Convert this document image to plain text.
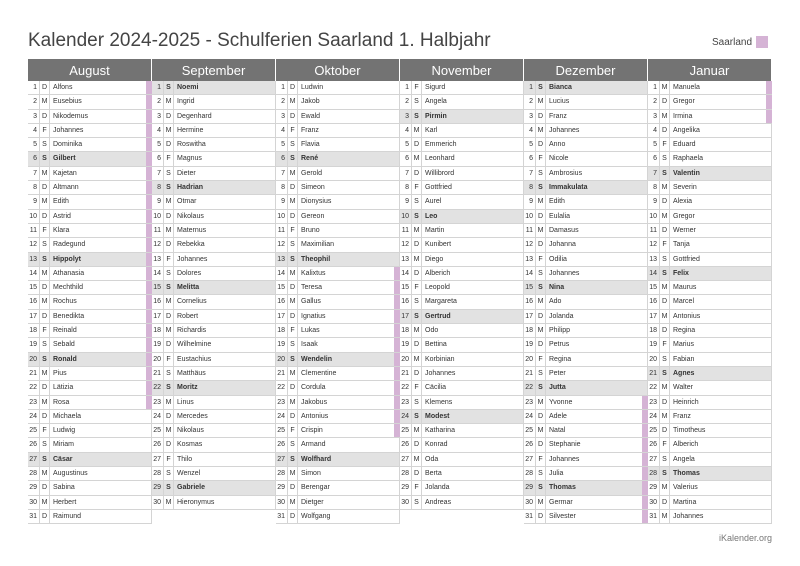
Kalender 2024-2025 - Schulferien Saarland 1. Halbjahr	Saarland
August
1 D Alfons
2 M Eusebius
3 D Nikodemus
4 F Johannes
5 S Dominika
6 S Gilbert
7 M Kajetan
8 D Altmann
9 M Edith
10 D Astrid
11 F Klara
12 S Radegund
13 S Hippolyt
14 M Athanasia
15 D Mechthild
16 M Rochus
17 D Benedikta
18 F Reinald
19 S Sebald
20 S Ronald
21 M Pius
22 D Lätizia
23 M Rosa
24 D Michaela
25 F Ludwig
26 S Miriam
27 S Cäsar
28 M Augustinus
29 D Sabina
30 M Herbert
31 D Raimund
September
1 S Noemi
2 M Ingrid
3 D Degenhard
4 M Hermine
5 D Roswitha
6 F Magnus
7 S Dieter
8 S Hadrian
9 M Otmar
10 D Nikolaus
11 M Maternus
12 D Rebekka
13 F Johannes
14 S Dolores
15 S Melitta
16 M Cornelius
17 D Robert
18 M Richardis
19 D Wilhelmine
20 F Eustachius
21 S Matthäus
22 S Moritz
23 M Linus
24 D Mercedes
25 M Nikolaus
26 D Kosmas
27 F Thilo
28 S Wenzel
29 S Gabriele
30 M Hieronymus
Oktober
1 D Ludwin
2 M Jakob
3 D Ewald
4 F Franz
5 S Flavia
6 S René
7 M Gerold
8 D Simeon
9 M Dionysius
10 D Gereon
11 F Bruno
12 S Maximilian
13 S Theophil
14 M Kalixtus
15 D Teresa
16 M Gallus
17 D Ignatius
18 F Lukas
19 S Isaak
20 S Wendelin
21 M Clementine
22 D Cordula
23 M Jakobus
24 D Antonius
25 F Crispin
26 S Armand
27 S Wolfhard
28 M Simon
29 D Berengar
30 M Dietger
31 D Wolfgang
November
1 F Sigurd
2 S Angela
3 S Pirmin
4 M Karl
5 D Emmerich
6 M Leonhard
7 D Willibrord
8 F Gottfried
9 S Aurel
10 S Leo
11 M Martin
12 D Kunibert
13 M Diego
14 D Alberich
15 F Leopold
16 S Margareta
17 S Gertrud
18 M Odo
19 D Bettina
20 M Korbinian
21 D Johannes
22 F Cäcilia
23 S Klemens
24 S Modest
25 M Katharina
26 D Konrad
27 M Oda
28 D Berta
29 F Jolanda
30 S Andreas
Dezember
1 S Bianca
2 M Lucius
3 D Franz
4 M Johannes
5 D Anno
6 F Nicole
7 S Ambrosius
8 S Immakulata
9 M Edith
10 D Eulalia
11 M Damasus
12 D Johanna
13 F Odilia
14 S Johannes
15 S Nina
16 M Ado
17 D Jolanda
18 M Philipp
19 D Petrus
20 F Regina
21 S Peter
22 S Jutta
23 M Yvonne
24 D Adele
25 M Natal
26 D Stephanie
27 F Johannes
28 S Julia
29 S Thomas
30 M Germar
31 D Silvester
Januar
1 M Manuela
2 D Gregor
3 M Irmina
4 D Angelika
5 F Eduard
6 S Raphaela
7 S Valentin
8 M Severin
9 D Alexia
10 M Gregor
11 D Werner
12 F Tanja
13 S Gottfried
14 S Felix
15 M Maurus
16 D Marcel
17 M Antonius
18 D Regina
19 F Marius
20 S Fabian
21 S Agnes
22 M Walter
23 D Heinrich
24 M Franz
25 D Timotheus
26 F Alberich
27 S Angela
28 S Thomas
29 M Valerius
30 D Martina
31 M Johannes
iKalender.org
